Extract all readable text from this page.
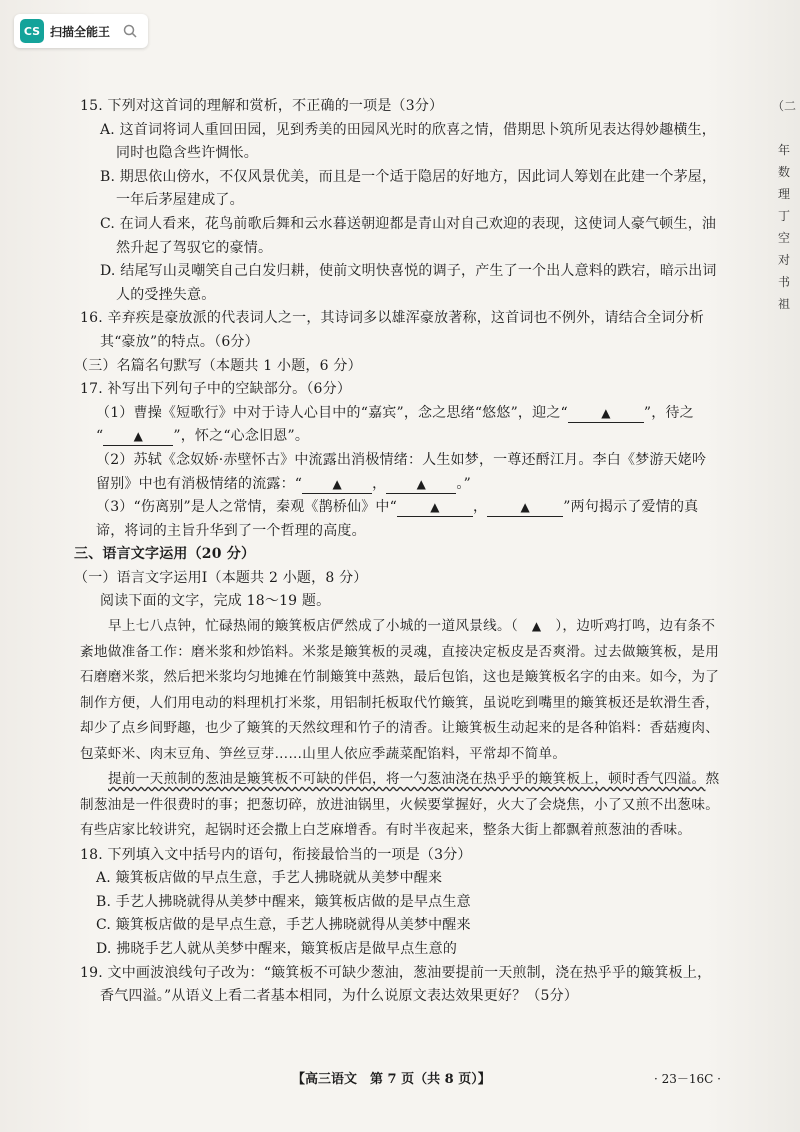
CS 扫描全能王
（二
年
数
理
丁
空
对
书
祖

15. 下列对这首词的理解和赏析，不正确的一项是（3分）

A. 这首词将词人重回田园，见到秀美的田园风光时的欣喜之情，借期思卜筑所见表达得妙趣横生，同时也隐含些许惆怅。

B. 期思依山傍水，不仅风景优美，而且是一个适于隐居的好地方，因此词人筹划在此建一个茅屋，一年后茅屋建成了。

C. 在词人看来，花鸟前歌后舞和云水暮送朝迎都是青山对自己欢迎的表现，这使词人豪气顿生，油然升起了驾驭它的豪情。

D. 结尾写山灵嘲笑自己白发归耕，使前文明快喜悦的调子，产生了一个出人意料的跌宕，暗示出词人的受挫失意。

16. 辛弃疾是豪放派的代表词人之一，其诗词多以雄浑豪放著称，这首词也不例外，请结合全词分析其“豪放”的特点。（6分）

（三）名篇名句默写（本题共 1 小题，6 分）

17. 补写出下列句子中的空缺部分。（6分）

（1）曹操《短歌行》中对于诗人心目中的“嘉宾”，念之思绪“悠悠”，迎之“	▲ ”，待之
“	▲ ”，怀之“心念旧恩”。

（2）苏轼《念奴娇·赤壁怀古》中流露出消极情绪：人生如梦，一尊还酹江月。李白《梦游天姥吟留别》中也有消极情绪的流露：“	▲ ，	▲ 。”

（3）“伤离别”是人之常情，秦观《鹊桥仙》中“	▲ ，	▲ ”两句揭示了爱情的真谛，将词的主旨升华到了一个哲理的高度。

三、语言文字运用（20 分）

（一）语言文字运用Ⅰ（本题共 2 小题，8 分）

阅读下面的文字，完成 18～19 题。

早上七八点钟，忙碌热闹的簸箕板店俨然成了小城的一道风景线。（　▲　），边听鸡打鸣，边有条不紊地做准备工作：磨米浆和炒馅料。米浆是簸箕板的灵魂，直接决定板皮是否爽滑。过去做簸箕板，是用石磨磨米浆，然后把米浆均匀地摊在竹制簸箕中蒸熟，最后包馅，这也是簸箕板名字的由来。如今，为了制作方便，人们用电动的料理机打米浆，用铝制托板取代竹簸箕，虽说吃到嘴里的簸箕板还是软滑生香，却少了点乡间野趣，也少了簸箕的天然纹理和竹子的清香。让簸箕板生动起来的是各种馅料：香菇瘦肉、包菜虾米、肉末豆角、笋丝豆芽……山里人依应季蔬菜配馅料，平常却不简单。

提前一天煎制的葱油是簸箕板不可缺的伴侣，将一勺葱油浇在热乎乎的簸箕板上，顿时香气四溢。熬制葱油是一件很费时的事；把葱切碎，放进油锅里，火候要掌握好，火大了会烧焦，小了又煎不出葱味。有些店家比较讲究，起锅时还会撒上白芝麻增香。有时半夜起来，整条大街上都飘着煎葱油的香味。

18. 下列填入文中括号内的语句，衔接最恰当的一项是（3分）

A. 簸箕板店做的早点生意，手艺人拂晓就从美梦中醒来

B. 手艺人拂晓就得从美梦中醒来，簸箕板店做的是早点生意

C. 簸箕板店做的是早点生意，手艺人拂晓就得从美梦中醒来

D. 拂晓手艺人就从美梦中醒来，簸箕板店是做早点生意的

19. 文中画波浪线句子改为：“簸箕板不可缺少葱油，葱油要提前一天煎制，浇在热乎乎的簸箕板上，香气四溢。”从语义上看二者基本相同，为什么说原文表达效果更好？（5分）

【高三语文　第 7 页（共 8 页）】	· 23－16C ·
